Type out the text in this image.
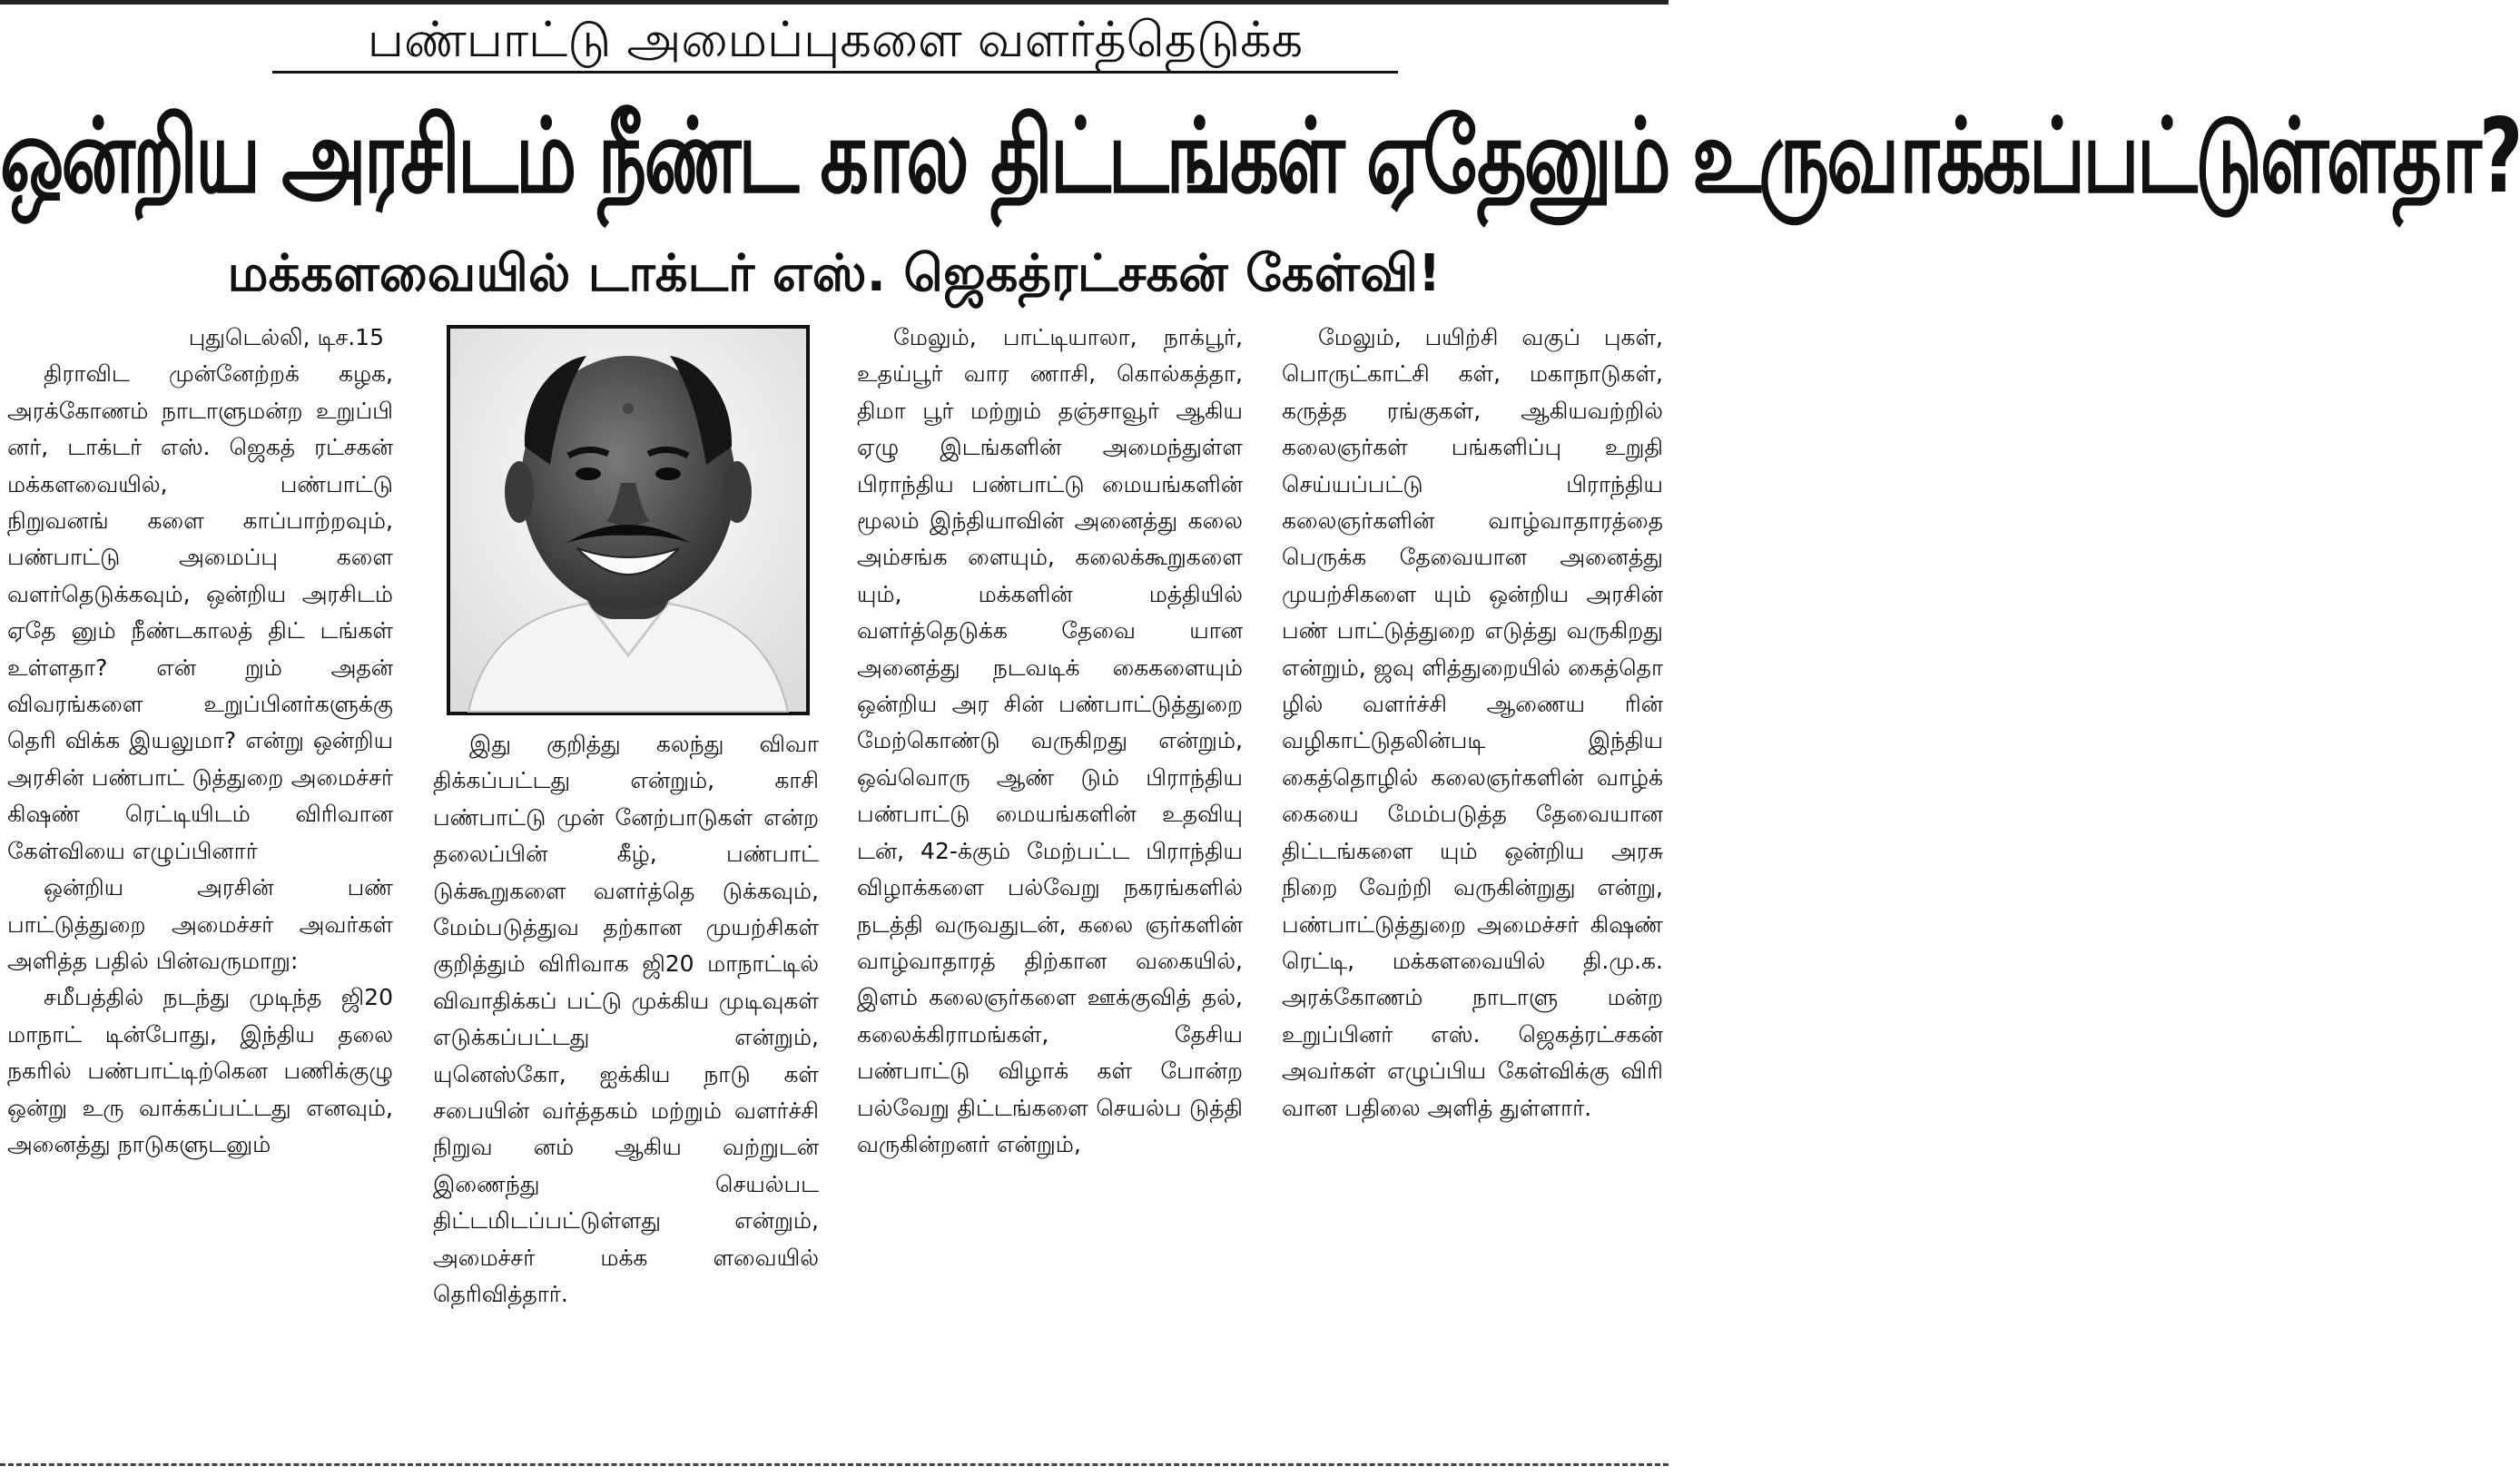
பண்பாட்டு அமைப்புகளை வளர்த்தெடுக்க
ஒன்றிய அரசிடம் நீண்ட கால திட்டங்கள் ஏதேனும் உருவாக்கப்பட்டுள்ளதா?
மக்களவையில் டாக்டர் எஸ். ஜெகத்ரட்சகன் கேள்வி!

புதுடெல்லி, டிச.15

திராவிட முன்னேற்றக் கழக, அரக்கோணம் நாடாளுமன்ற உறுப்பி னர், டாக்டர் எஸ். ஜெகத் ரட்சகன் மக்களவையில், பண்பாட்டு நிறுவனங் களை காப்பாற்றவும், பண்பாட்டு அமைப்பு களை வளர்தெடுக்கவும், ஒன்றிய அரசிடம் ஏதே னும் நீண்டகாலத் திட் டங்கள் உள்ளதா? என் றும் அதன் விவரங்களை உறுப்பினர்களுக்கு தெரி விக்க இயலுமா? என்று ஒன்றிய அரசின் பண்பாட் டுத்துறை அமைச்சர் கிஷண் ரெட்டியிடம் விரிவான கேள்வியை எழுப்பினார்

ஒன்றிய அரசின் பண் பாட்டுத்துறை அமைச்சர் அவர்கள் அளித்த பதில் பின்வருமாறு:

சமீபத்தில் நடந்து முடிந்த ஜி20 மாநாட் டின்போது, இந்திய தலை நகரில் பண்பாட்டிற்கென பணிக்குழு ஒன்று உரு வாக்கப்பட்டது எனவும், அனைத்து நாடுகளுடனும்

இது குறித்து கலந்து விவா திக்கப்பட்டது என்றும், காசி பண்பாட்டு முன் னேற்பாடுகள் என்ற தலைப்பின் கீழ், பண்பாட் டுக்கூறுகளை வளர்த்தெ டுக்கவும், மேம்படுத்துவ தற்கான முயற்சிகள் குறித்தும் விரிவாக ஜி20 மாநாட்டில் விவாதிக்கப் பட்டு முக்கிய முடிவுகள் எடுக்கப்பட்டது என்றும், யுனெஸ்கோ, ஐக்கிய நாடு கள் சபையின் வர்த்தகம் மற்றும் வளர்ச்சி நிறுவ னம் ஆகிய வற்றுடன் இணைந்து செயல்பட திட்டமிடப்பட்டுள்ளது என்றும், அமைச்சர் மக்க ளவையில் தெரிவித்தார்.

மேலும், பாட்டியாலா, நாக்பூர், உதய்பூர் வார ணாசி, கொல்கத்தா, திமா பூர் மற்றும் தஞ்சாவூர் ஆகிய ஏழு இடங்களின் அமைந்துள்ள பிராந்திய பண்பாட்டு மையங்களின் மூலம் இந்தியாவின் அனைத்து கலை அம்சங்க ளையும், கலைக்கூறுகளை யும், மக்களின் மத்தியில் வளர்த்தெடுக்க தேவை யான அனைத்து நடவடிக் கைகளையும் ஒன்றிய அர சின் பண்பாட்டுத்துறை மேற்கொண்டு வருகிறது என்றும், ஒவ்வொரு ஆண் டும் பிராந்திய பண்பாட்டு மையங்களின் உதவியு டன், 42-க்கும் மேற்பட்ட பிராந்திய விழாக்களை பல்வேறு நகரங்களில் நடத்தி வருவதுடன், கலை ஞர்களின் வாழ்வாதாரத் திற்கான வகையில், இளம் கலைஞர்களை ஊக்குவித் தல், கலைக்கிராமங்கள், தேசிய பண்பாட்டு விழாக் கள் போன்ற பல்வேறு திட்டங்களை செயல்ப டுத்தி வருகின்றனர் என்றும்,

மேலும், பயிற்சி வகுப் புகள், பொருட்காட்சி கள், மகாநாடுகள், கருத்த ரங்குகள், ஆகியவற்றில் கலைஞர்கள் பங்களிப்பு உறுதி செய்யப்பட்டு பிராந்திய கலைஞர்களின் வாழ்வாதாரத்தை பெருக்க தேவையான அனைத்து முயற்சிகளை யும் ஒன்றிய அரசின் பண் பாட்டுத்துறை எடுத்து வருகிறது என்றும், ஜவு ளித்துறையில் கைத்தொ ழில் வளர்ச்சி ஆணைய ரின் வழிகாட்டுதலின்படி இந்திய கைத்தொழில் கலைஞர்களின் வாழ்க் கையை மேம்படுத்த தேவையான திட்டங்களை யும் ஒன்றிய அரசு நிறை வேற்றி வருகின்றுது என்று, பண்பாட்டுத்துறை அமைச்சர் கிஷண் ரெட்டி, மக்களவையில் தி.மு.க. அரக்கோணம் நாடாளு மன்ற உறுப்பினர் எஸ். ஜெகத்ரட்சகன் அவர்கள் எழுப்பிய கேள்விக்கு விரி வான பதிலை அளித் துள்ளார்.
